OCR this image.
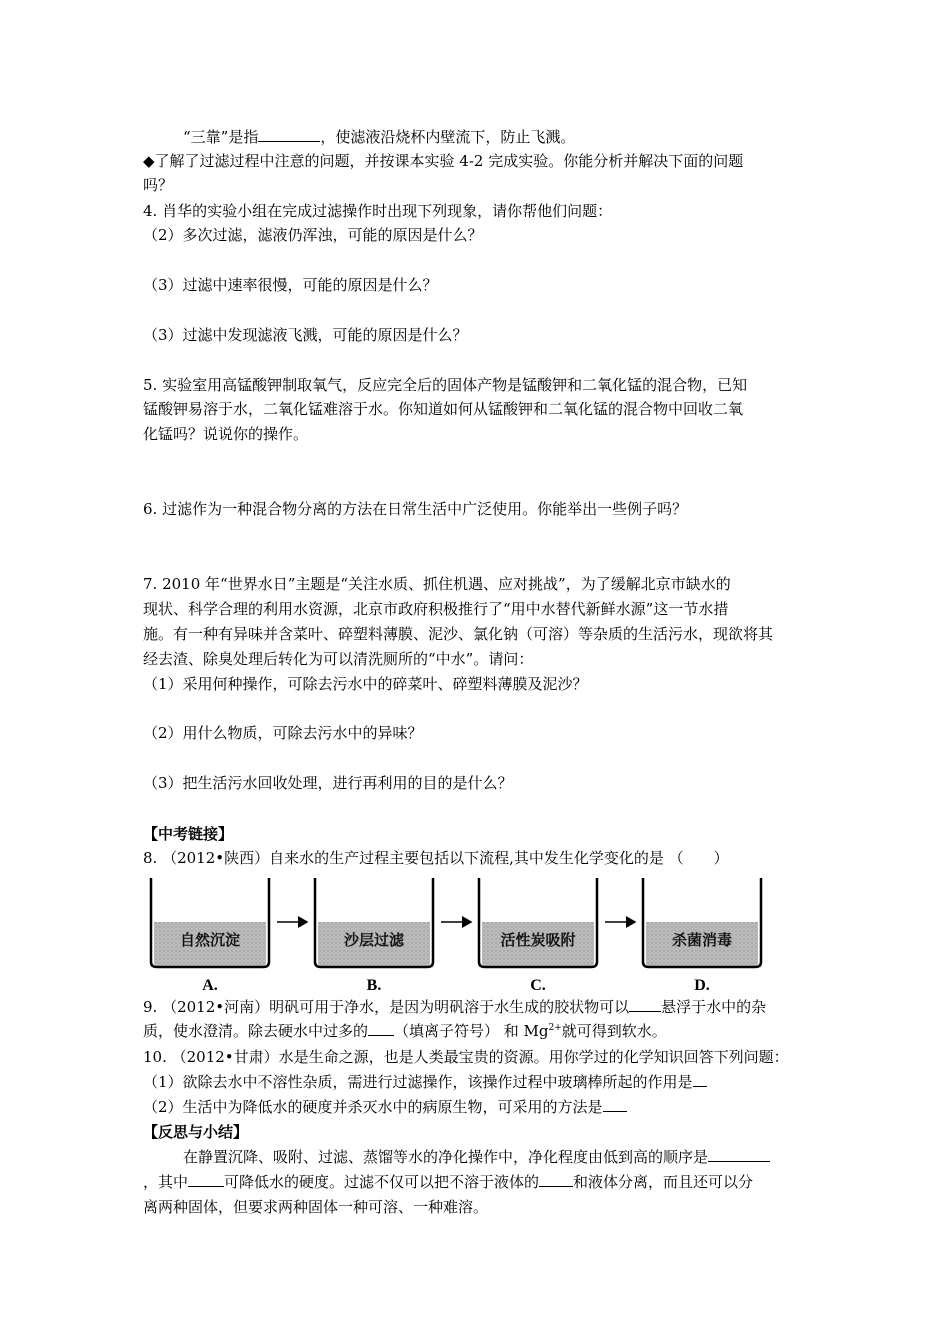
“三靠”是指	，使滤液沿烧杯内壁流下，防止飞溅。
◆了解了过滤过程中注意的问题，并按课本实验 4-2 完成实验。你能分析并解决下面的问题
吗？
4. 肖华的实验小组在完成过滤操作时出现下列现象，请你帮他们问题：
（2）多次过滤，滤液仍浑浊，可能的原因是什么？
（3）过滤中速率很慢，可能的原因是什么？
（3）过滤中发现滤液飞溅，可能的原因是什么？
5. 实验室用高锰酸钾制取氧气，反应完全后的固体产物是锰酸钾和二氧化锰的混合物，已知
锰酸钾易溶于水，二氧化锰难溶于水。你知道如何从锰酸钾和二氧化锰的混合物中回收二氧
化锰吗？说说你的操作。
6. 过滤作为一种混合物分离的方法在日常生活中广泛使用。你能举出一些例子吗？
7. 2010 年“世界水日”主题是“关注水质、抓住机遇、应对挑战”，为了缓解北京市缺水的
现状、科学合理的利用水资源，北京市政府积极推行了“用中水替代新鲜水源”这一节水措
施。有一种有异味并含菜叶、碎塑料薄膜、泥沙、氯化钠（可溶）等杂质的生活污水，现欲将其
经去渣、除臭处理后转化为可以清洗厕所的“中水”。请问：
（1）采用何种操作，可除去污水中的碎菜叶、碎塑料薄膜及泥沙？
（2）用什么物质，可除去污水中的异味？
（3）把生活污水回收处理，进行再利用的目的是什么？
【中考链接】
8. （2012•陕西）自来水的生产过程主要包括以下流程,其中发生化学变化的是 （　　）
自然沉淀
A.
沙层过滤
B.
活性炭吸附
C.
杀菌消毒
D.
9. （2012•河南）明矾可用于净水，是因为明矾溶于水生成的胶状物可以 悬浮于水中的杂
质，使水澄清。除去硬水中过多的 （填离子符号） 和 $Mg^{2+}$就可得到软水。
10. （2012•甘肃）水是生命之源，也是人类最宝贵的资源。用你学过的化学知识回答下列问题：
（1）欲除去水中不溶性杂质，需进行过滤操作，该操作过程中玻璃棒所起的作用是
（2）生活中为降低水的硬度并杀灭水中的病原生物，可采用的方法是
【反思与小结】
在静置沉降、吸附、过滤、蒸馏等水的净化操作中，净化程度由低到高的顺序是
，其中 可降低水的硬度。过滤不仅可以把不溶于液体的 和液体分离，而且还可以分
离两种固体，但要求两种固体一种可溶、一种难溶。
